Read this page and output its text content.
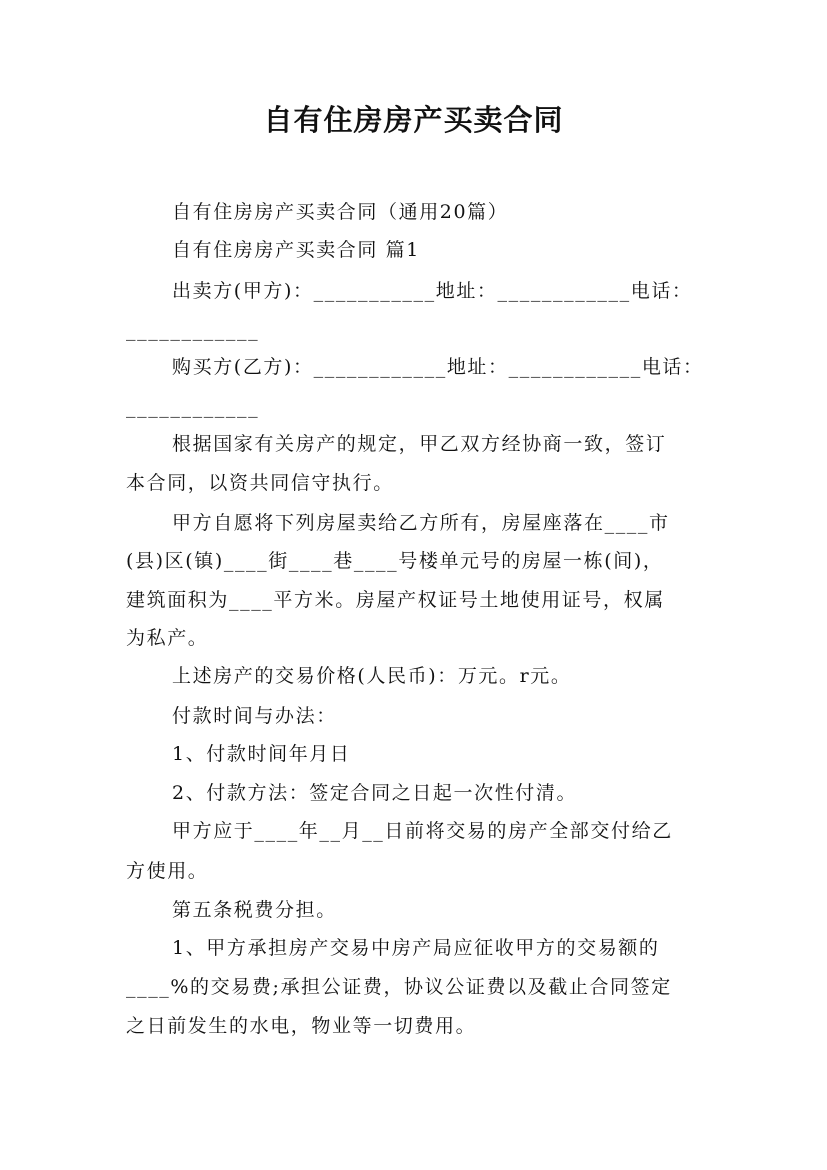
自有住房房产买卖合同
自有住房房产买卖合同（通用20篇）
自有住房房产买卖合同 篇1
出卖方(甲方)：___________地址：____________电话：
____________
购买方(乙方)：____________地址：____________电话：
____________
根据国家有关房产的规定，甲乙双方经协商一致，签订
本合同，以资共同信守执行。
甲方自愿将下列房屋卖给乙方所有，房屋座落在____市
(县)区(镇)____街____巷____号楼单元号的房屋一栋(间)，
建筑面积为____平方米。房屋产权证号土地使用证号，权属
为私产。
上述房产的交易价格(人民币)：万元。r元。
付款时间与办法：
1、付款时间年月日
2、付款方法：签定合同之日起一次性付清。
甲方应于____年__月__日前将交易的房产全部交付给乙
方使用。
第五条税费分担。
1、甲方承担房产交易中房产局应征收甲方的交易额的
____%的交易费;承担公证费，协议公证费以及截止合同签定
之日前发生的水电，物业等一切费用。
